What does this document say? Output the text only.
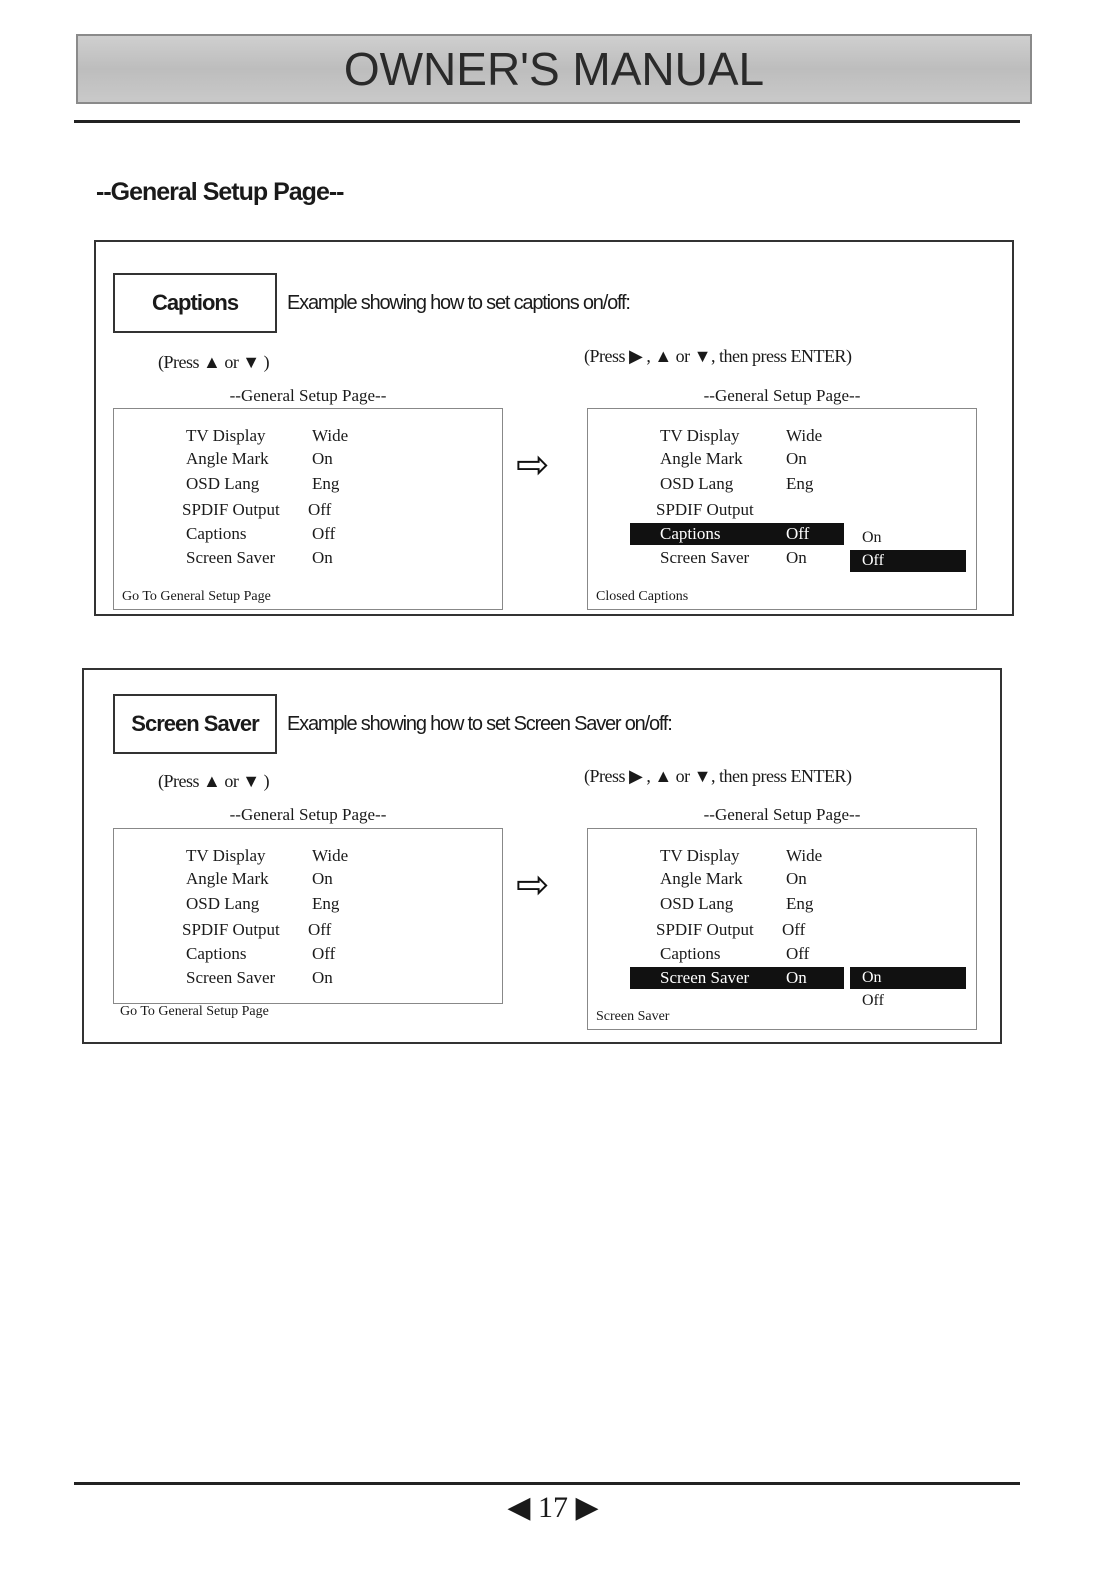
OWNER'S MANUAL
--General Setup Page--
Captions	Example showing how to set captions on/off:
(Press ▲ or ▼ )
--General Setup Page--
TV Display	Wide
Angle Mark	On
OSD Lang	Eng
SPDIF Output Off
Captions	Off
Screen Saver On
Go To General Setup Page
⇨
(Press ▶ , ▲ or ▼, then press ENTER)
--General Setup Page--
TV Display	Wide
Angle Mark	On
OSD Lang	Eng
SPDIF Output
Captions	Off
Screen Saver On
On
Off
Closed Captions
Screen Saver	Example showing how to set Screen Saver on/off:
(Press ▲ or ▼ )
--General Setup Page--
TV Display	Wide
Angle Mark	On
OSD Lang	Eng
SPDIF Output Off
Captions	Off
Screen Saver On
Go To General Setup Page
⇨
(Press ▶ , ▲ or ▼, then press ENTER)
--General Setup Page--
TV Display	Wide
Angle Mark	On
OSD Lang	Eng
SPDIF Output Off
Captions	Off
Screen Saver On	On
Off
Screen Saver
◀ 17 ▶
